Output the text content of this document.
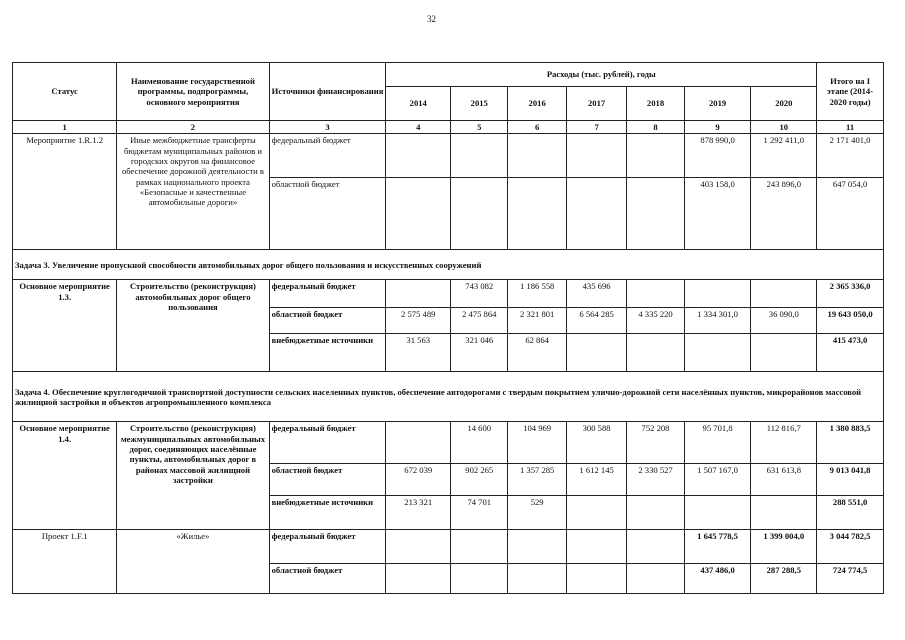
32
Статус	Наименование государственной программы, подпрограммы, основного мероприятия	Источники финансирования	Расходы (тыс. рублей), годы							Итого на I этапе (2014-2020 годы)
			2014	2015	2016	2017	2018	2019	2020	
1	2	3	4	5	6	7	8	9	10	11
Мероприятие 1.R.1.2	Иные межбюджетные трансферты бюджетам муниципальных районов и городских округов на финансовое обеспечение дорожной деятельности в рамках национального проекта «Безопасные и качественные автомобильные дороги»	федеральный бюджет						878 990,0	1 292 411,0	2 171 401,0
		областной бюджет						403 158,0	243 896,0	647 054,0
Задача 3. Увеличение пропускной способности автомобильных дорог общего пользования и искусственных сооружений										
Основное мероприятие 1.3.	Строительство (реконструкция) автомобильных дорог общего пользования	федеральный бюджет		743 082	1 186 558	435 696				2 365 336,0
		областной бюджет	2 575 489	2 475 864	2 321 801	6 564 285	4 335 220	1 334 301,0	36 090,0	19 643 050,0
		внебюджетные источники	31 563	321 046	62 864					415 473,0
Задача 4. Обеспечение круглогодичной транспортной доступности сельских населенных пунктов, обеспечение автодорогами с твердым покрытием улично-дорожной сети населённых пунктов, микрорайонов массовой жилищной застройки и объектов агропромышленного комплекса										
Основное мероприятие 1.4.	Строительство (реконструкция) межмуниципальных автомобильных дорог, соединяющих населённые пункты, автомобильных дорог в районах массовой жилищной застройки	федеральный бюджет		14 600	104 969	300 588	752 208	95 701,8	112 816,7	1 380 883,5
		областной бюджет	672 039	902 265	1 357 285	1 612 145	2 330 527	1 507 167,0	631 613,8	9 013 041,8
		внебюджетные источники	213 321	74 701	529					288 551,0
Проект 1.F.1	«Жилье»	федеральный бюджет						1 645 778,5	1 399 004,0	3 044 782,5
		областной бюджет						437 486,0	287 288,5	724 774,5
